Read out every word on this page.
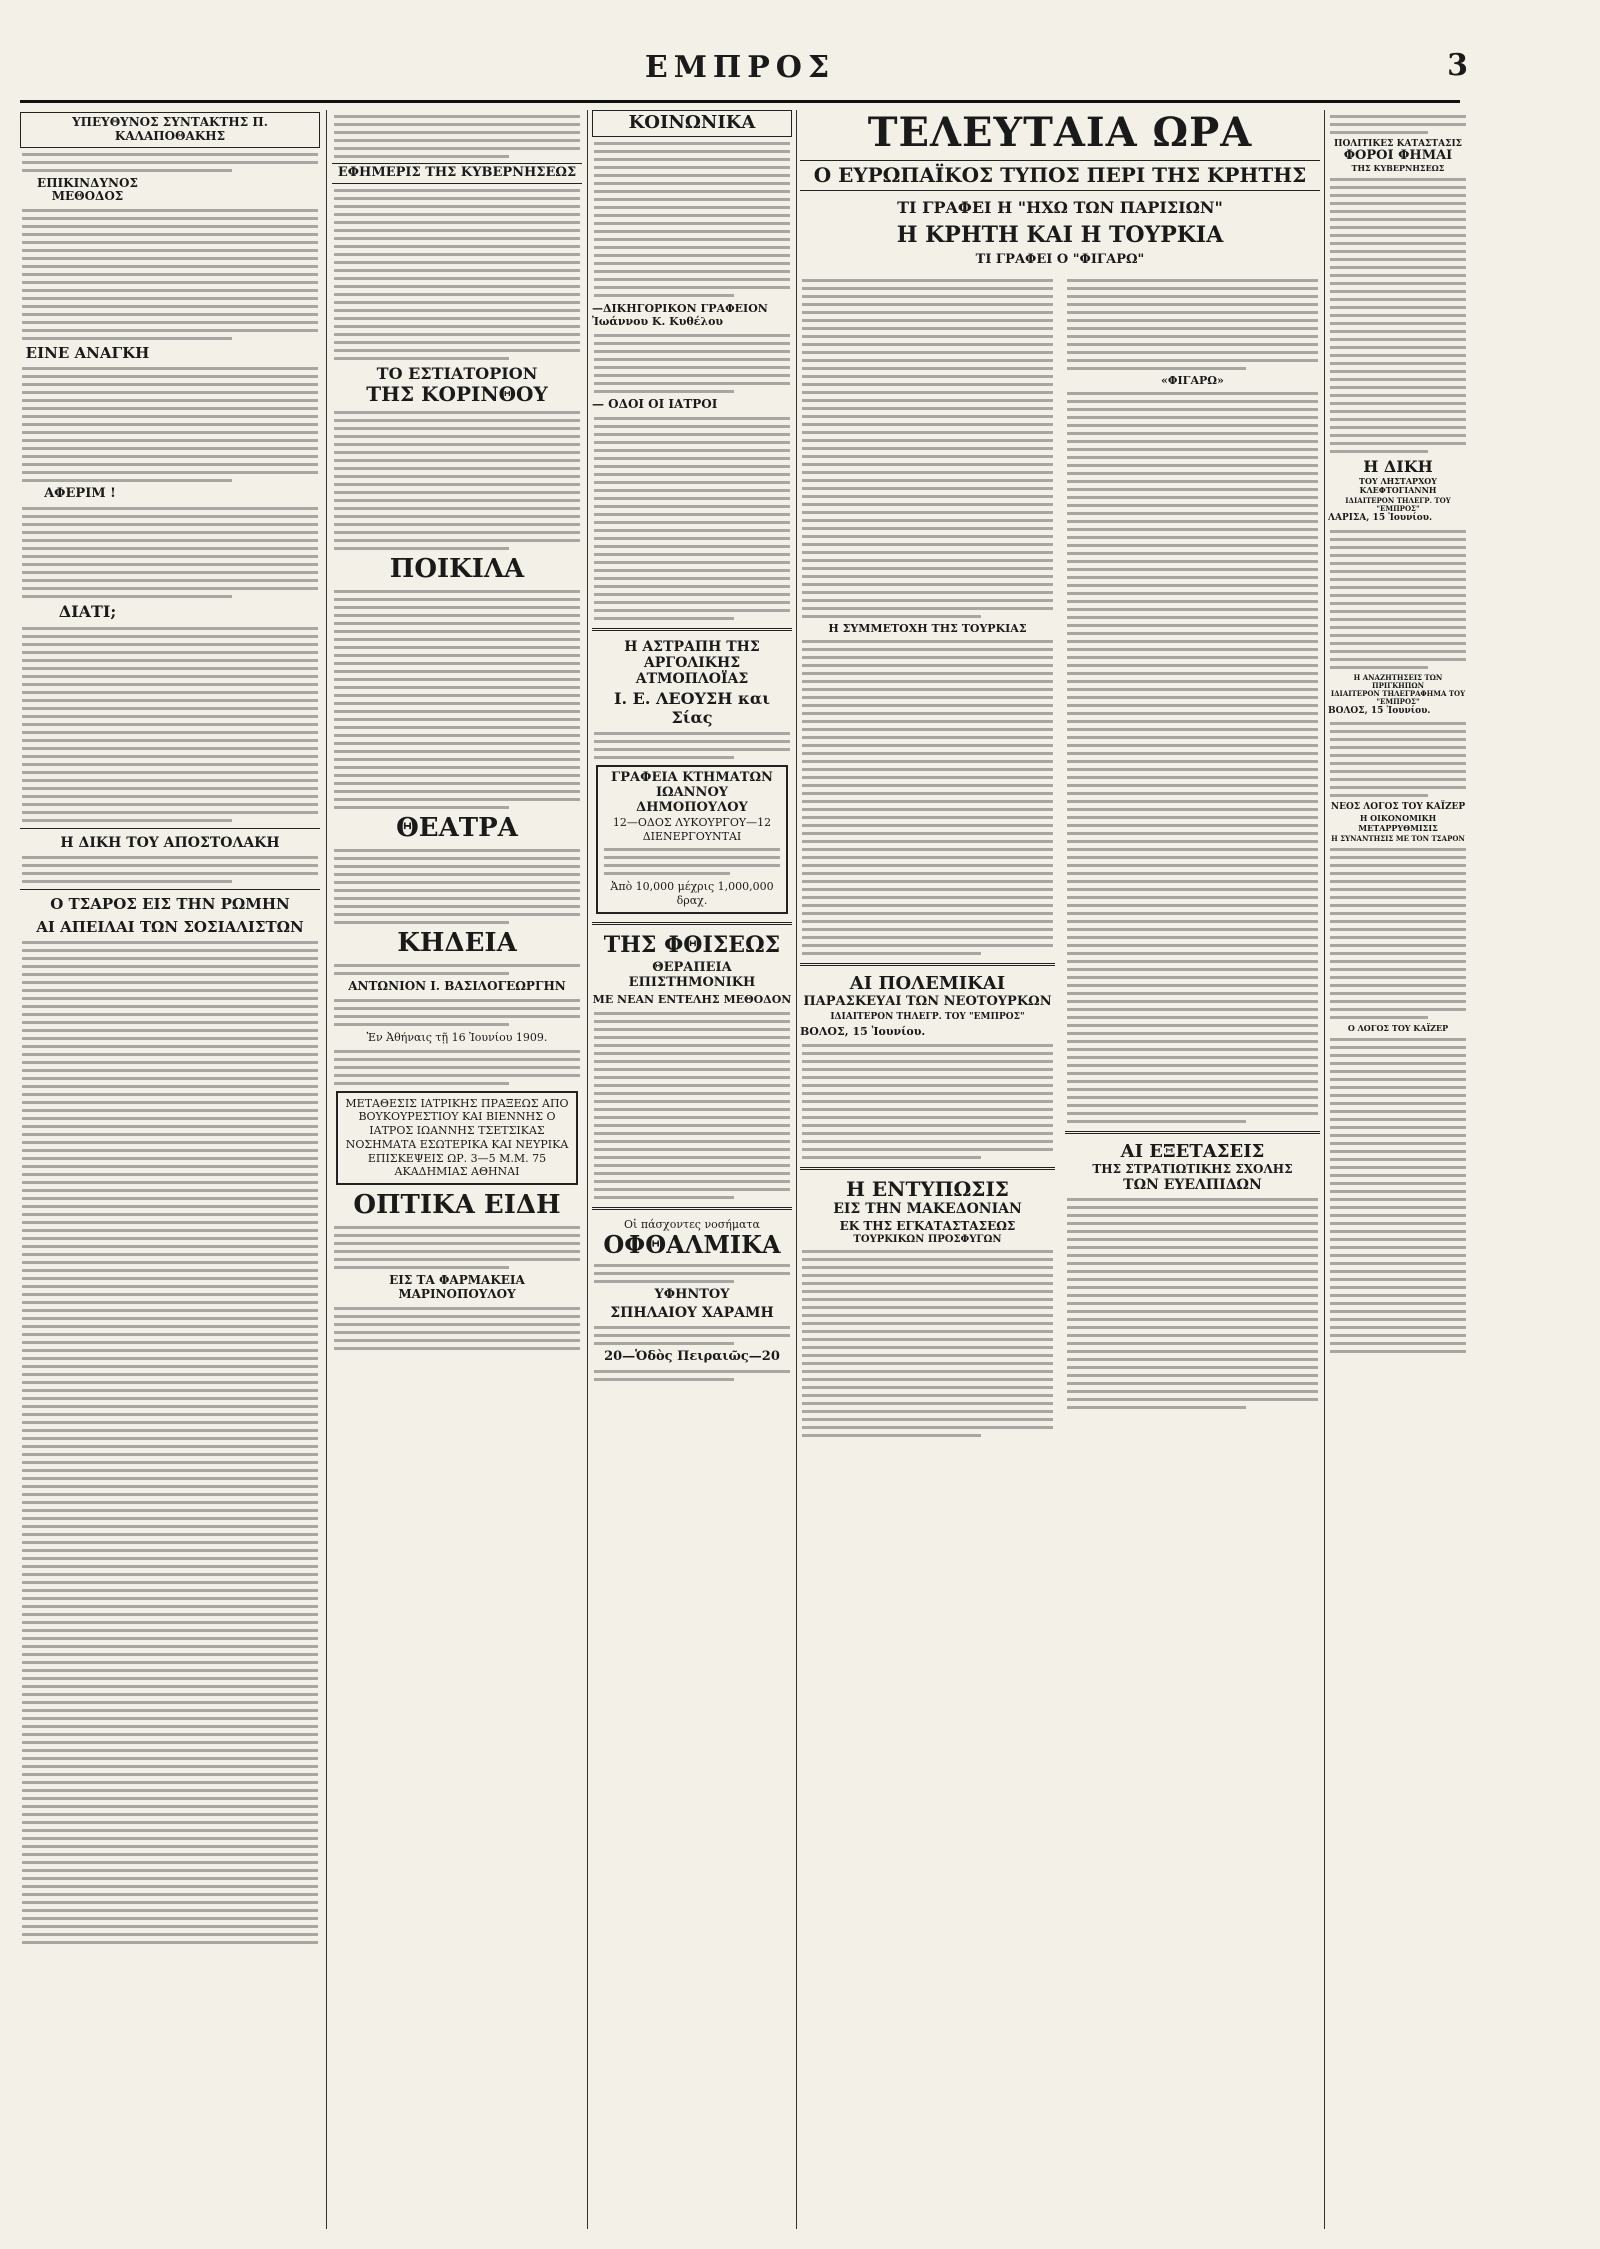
ΕΜΠΡΟΣ	3
ΥΠΕΥΘΥΝΟΣ ΣΥΝΤΑΚΤΗΣ Π. ΚΑΛΑΠΟΘΑΚΗΣ
ΕΠΙΚΙΝΔΥΝΟΣ ΜΕΘΟΔΟΣ
ΕΙΝΕ ΑΝΑΓΚΗ
ΑΦΕΡΙΜ !
ΔΙΑΤΙ;
Η ΔΙΚΗ ΤΟΥ ΑΠΟΣΤΟΛΑΚΗ
Ο ΤΣΑΡΟΣ ΕΙΣ ΤΗΝ ΡΩΜΗΝ
ΑΙ ΑΠΕΙΛΑΙ ΤΩΝ ΣΟΣΙΑΛΙΣΤΩΝ
ΕΦΗΜΕΡΙΣ ΤΗΣ ΚΥΒΕΡΝΗΣΕΩΣ
ΤΟ ΕΣΤΙΑΤΟΡΙΟΝ
ΤΗΣ ΚΟΡΙΝΘΟΥ
ΠΟΙΚΙΛΑ
ΘΕΑΤΡΑ
ΚΗΔΕΙΑ
ΑΝΤΩΝΙΟΝ Ι. ΒΑΣΙΛΟΓΕΩΡΓΗΝ
Ἐν Ἀθήναις τῇ 16 Ἰουνίου 1909.
ΜΕΤΑΘΕΣΙΣ ΙΑΤΡΙΚΗΣ ΠΡΑΞΕΩΣ ΑΠΟ ΒΟΥΚΟΥΡΕΣΤΙΟΥ ΚΑΙ ΒΙΕΝΝΗΣ Ο ΙΑΤΡΟΣ ΙΩΑΝΝΗΣ ΤΣΕΤΣΙΚΑΣ ΝΟΣΗΜΑΤΑ ΕΣΩΤΕΡΙΚΑ ΚΑΙ ΝΕΥΡΙΚΑ ΕΠΙΣΚΕΨΕΙΣ ΩΡ. 3—5 Μ.Μ. 75 ΑΚΑΔΗΜΙΑΣ ΑΘΗΝΑΙ
ΟΠΤΙΚΑ ΕΙΔΗ
ΕΙΣ ΤΑ ΦΑΡΜΑΚΕΙΑ ΜΑΡΙΝΟΠΟΥΛΟΥ
ΚΟΙΝΩΝΙΚΑ
—ΔΙΚΗΓΟΡΙΚΟΝ ΓΡΑΦΕΙΟΝ Ἰωάννου Κ. Κυθέλου
— ΟΔΟΙ ΟΙ ΙΑΤΡΟΙ
Η ΑΣΤΡΑΠΗ ΤΗΣ ΑΡΓΟΛΙΚΗΣ ΑΤΜΟΠΛΟΪΑΣ
Ι. Ε. ΛΕΟΥΣΗ και Σίας
ΓΡΑΦΕΙΑ ΚΤΗΜΑΤΩΝ ΙΩΑΝΝΟΥ ΔΗΜΟΠΟΥΛΟΥ
12—ΟΔΟΣ ΛΥΚΟΥΡΓΟΥ—12
ΔΙΕΝΕΡΓΟΥΝΤΑΙ
Ἀπὸ 10,000 μέχρις 1,000,000 δραχ.
ΤΗΣ ΦΘΙΣΕΩΣ
ΘΕΡΑΠΕΙΑ ΕΠΙΣΤΗΜΟΝΙΚΗ
ΜΕ ΝΕΑΝ ΕΝΤΕΛΗΣ ΜΕΘΟΔΟΝ
Οἱ πάσχοντες νοσήματα
ΟΦΘΑΛΜΙΚΑ
ΥΦΗΝΤΟΥ
ΣΠΗΛΑΙΟΥ ΧΑΡΑΜΗ
20—Ὁδὸς Πειραιῶς—20
ΤΕΛΕΥΤΑΙΑ ΩΡΑ
Ο ΕΥΡΩΠΑΪΚΟΣ ΤΥΠΟΣ ΠΕΡΙ ΤΗΣ ΚΡΗΤΗΣ
ΤΙ ΓΡΑΦΕΙ Η "ΗΧΩ ΤΩΝ ΠΑΡΙΣΙΩΝ"
Η ΚΡΗΤΗ ΚΑΙ Η ΤΟΥΡΚΙΑ
ΤΙ ΓΡΑΦΕΙ Ο "ΦΙΓΑΡΩ"
Η ΣΥΜΜΕΤΟΧΗ ΤΗΣ ΤΟΥΡΚΙΑΣ
ΑΙ ΠΟΛΕΜΙΚΑΙ
ΠΑΡΑΣΚΕΥΑΙ ΤΩΝ ΝΕΟΤΟΥΡΚΩΝ
ΙΔΙΑΙΤΕΡΟΝ ΤΗΛΕΓΡ. ΤΟΥ "ΕΜΠΡΟΣ"
ΒΟΛΟΣ, 15 Ἰουνίου.
Η ΕΝΤΥΠΩΣΙΣ
ΕΙΣ ΤΗΝ ΜΑΚΕΔΟΝΙΑΝ
ΕΚ ΤΗΣ ΕΓΚΑΤΑΣΤΑΣΕΩΣ
ΤΟΥΡΚΙΚΩΝ ΠΡΟΣΦΥΓΩΝ
«ΦΙΓΑΡΩ»
ΑΙ ΕΞΕΤΑΣΕΙΣ
ΤΗΣ ΣΤΡΑΤΙΩΤΙΚΗΣ ΣΧΟΛΗΣ
ΤΩΝ ΕΥΕΛΠΙΔΩΝ
ΠΟΛΙΤΙΚΕΣ ΚΑΤΑΣΤΑΣΙΣ
ΦΟΡΟΙ ΦΗΜΑΙ
ΤΗΣ ΚΥΒΕΡΝΗΣΕΩΣ
Η ΔΙΚΗ
ΤΟΥ ΛΗΣΤΑΡΧΟΥ ΚΛΕΦΤΟΓΙΑΝΝΗ
ΙΔΙΑΙΤΕΡΟΝ ΤΗΛΕΓΡ. ΤΟΥ "ΕΜΠΡΟΣ"
ΛΑΡΙΣΑ, 15 Ἰουνίου.
Η ΑΝΑΖΗΤΗΣΕΙΣ ΤΩΝ ΠΡΙΓΚΗΠΩΝ
ΙΔΙΑΙΤΕΡΟΝ ΤΗΛΕΓΡΑΦΗΜΑ ΤΟΥ "ΕΜΠΡΟΣ"
ΒΟΛΟΣ, 15 Ἰουνίου.
ΝΕΟΣ ΛΟΓΟΣ ΤΟΥ ΚΑΪΖΕΡ
Η ΟΙΚΟΝΟΜΙΚΗ ΜΕΤΑΡΡΥΘΜΙΣΙΣ
Η ΣΥΝΑΝΤΗΣΙΣ ΜΕ ΤΟΝ ΤΣΑΡΟΝ
Ο ΛΟΓΟΣ ΤΟΥ ΚΑΪΖΕΡ
